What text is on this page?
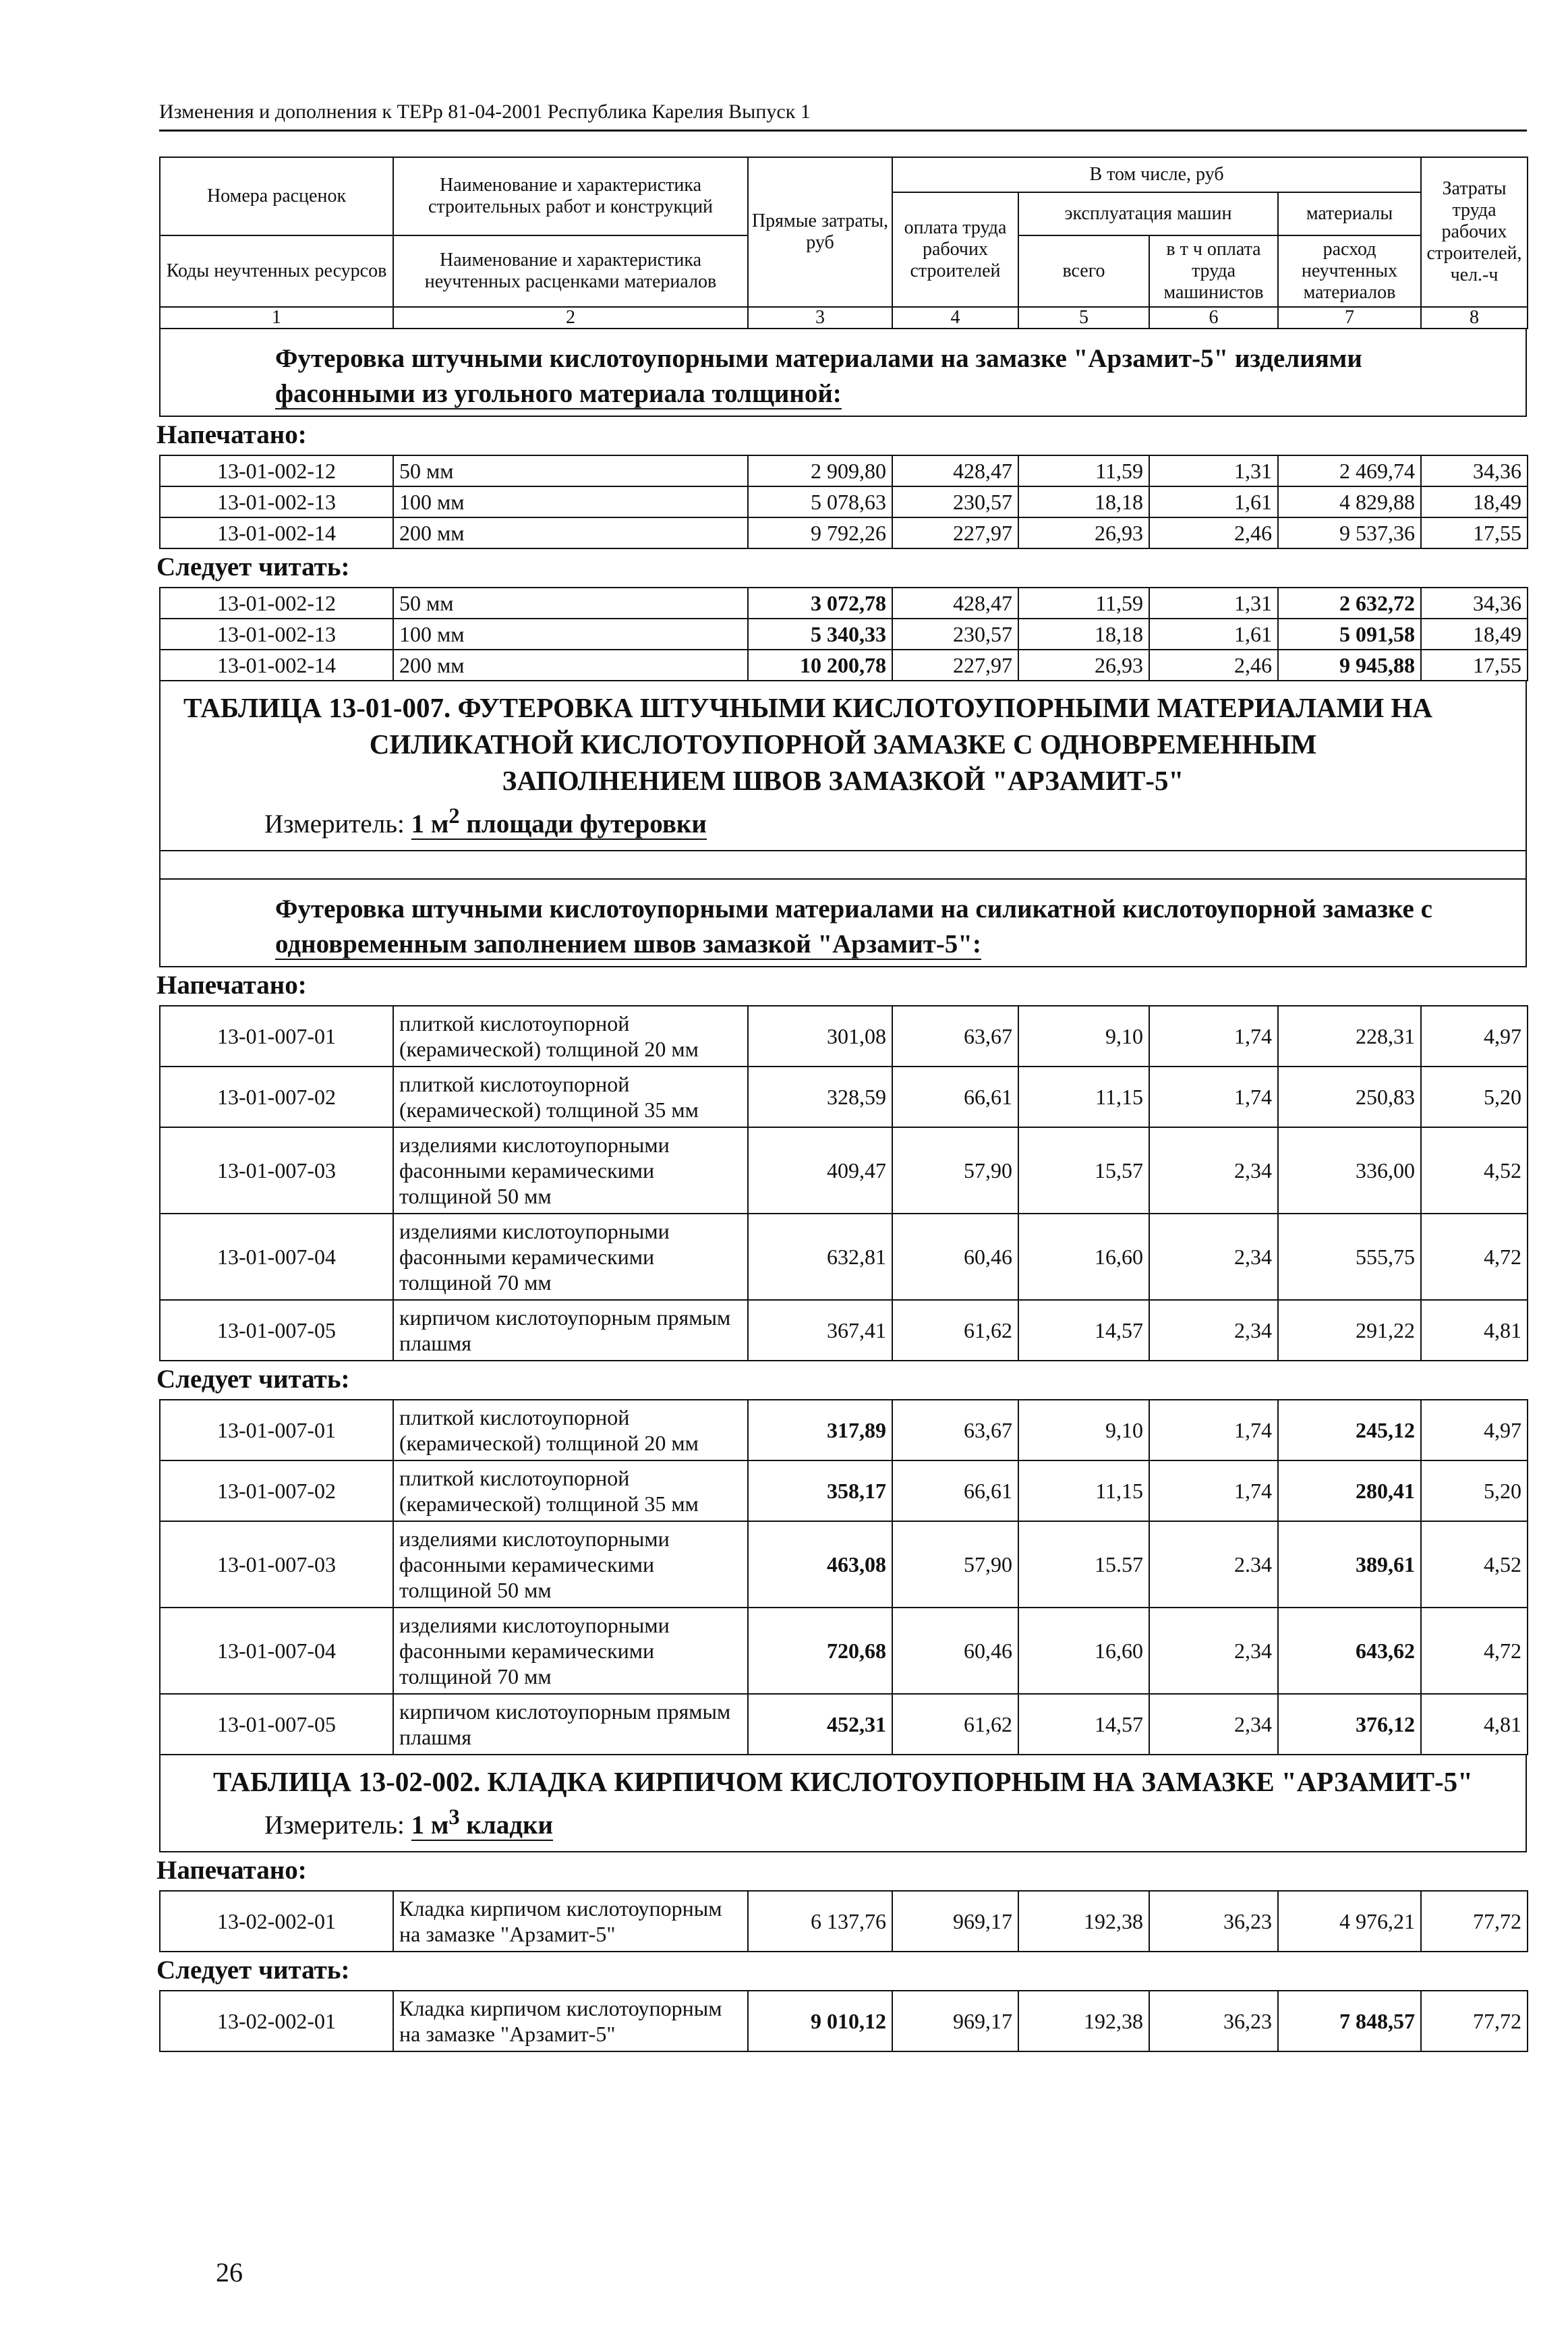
Изменения и дополнения к ТЕРр 81-04-2001 Республика Карелия Выпуск 1
Номера расценок	Наименование и характеристика строительных работ и конструкций	Прямые затраты, руб	В том числе, руб				Затраты труда рабочих строителей, чел.-ч
			оплата труда рабочих строителей	эксплуатация машин		материалы	
Коды неучтенных ресурсов	Наименование и характеристика неучтенных расценками материалов			всего	в т ч оплата труда машинистов	расход неучтенных материалов	

1	2	3	4	5	6	7	8
Футеровка штучными кислотоупорными материалами на замазке "Арзамит-5" изделиями
фасонными из угольного материала толщиной:
Напечатано:
13-01-002-12	50 мм	2 909,80	428,47	11,59	1,31	2 469,74	34,36
13-01-002-13	100 мм	5 078,63	230,57	18,18	1,61	4 829,88	18,49
13-01-002-14	200 мм	9 792,26	227,97	26,93	2,46	9 537,36	17,55
Следует читать:
13-01-002-12	50 мм	3 072,78	428,47	11,59	1,31	2 632,72	34,36
13-01-002-13	100 мм	5 340,33	230,57	18,18	1,61	5 091,58	18,49
13-01-002-14	200 мм	10 200,78	227,97	26,93	2,46	9 945,88	17,55
ТАБЛИЦА 13-01-007. ФУТЕРОВКА ШТУЧНЫМИ КИСЛОТОУПОРНЫМИ МАТЕРИАЛАМИ НА
СИЛИКАТНОЙ КИСЛОТОУПОРНОЙ ЗАМАЗКЕ С ОДНОВРЕМЕННЫМ
ЗАПОЛНЕНИЕМ ШВОВ ЗАМАЗКОЙ "АРЗАМИТ-5"
Измеритель: 1 $м^2$ площади футеровки
Футеровка штучными кислотоупорными материалами на силикатной кислотоупорной замазке с
одновременным заполнением швов замазкой "Арзамит-5":
Напечатано:
13-01-007-01	плиткой кислотоупорной (керамической) толщиной 20 мм	301,08	63,67	9,10	1,74	228,31	4,97
13-01-007-02	плиткой кислотоупорной (керамической) толщиной 35 мм	328,59	66,61	11,15	1,74	250,83	5,20
13-01-007-03	изделиями кислотоупорными фасонными керамическими толщиной 50 мм	409,47	57,90	15,57	2,34	336,00	4,52
13-01-007-04	изделиями кислотоупорными фасонными керамическими толщиной 70 мм	632,81	60,46	16,60	2,34	555,75	4,72
13-01-007-05	кирпичом кислотоупорным прямым плашмя	367,41	61,62	14,57	2,34	291,22	4,81
Следует читать:
13-01-007-01	плиткой кислотоупорной (керамической) толщиной 20 мм	317,89	63,67	9,10	1,74	245,12	4,97
13-01-007-02	плиткой кислотоупорной (керамической) толщиной 35 мм	358,17	66,61	11,15	1,74	280,41	5,20
13-01-007-03	изделиями кислотоупорными фасонными керамическими толщиной 50 мм	463,08	57,90	15.57	2.34	389,61	4,52
13-01-007-04	изделиями кислотоупорными фасонными керамическими толщиной 70 мм	720,68	60,46	16,60	2,34	643,62	4,72
13-01-007-05	кирпичом кислотоупорным прямым плашмя	452,31	61,62	14,57	2,34	376,12	4,81
ТАБЛИЦА 13-02-002. КЛАДКА КИРПИЧОМ КИСЛОТОУПОРНЫМ НА ЗАМАЗКЕ "АРЗАМИТ-5"
Измеритель: 1 $м^3$ кладки
Напечатано:
13-02-002-01	Кладка кирпичом кислотоупорным на замазке "Арзамит-5"	6 137,76	969,17	192,38	36,23	4 976,21	77,72
Следует читать:
13-02-002-01	Кладка кирпичом кислотоупорным на замазке "Арзамит-5"	9 010,12	969,17	192,38	36,23	7 848,57	77,72
26
